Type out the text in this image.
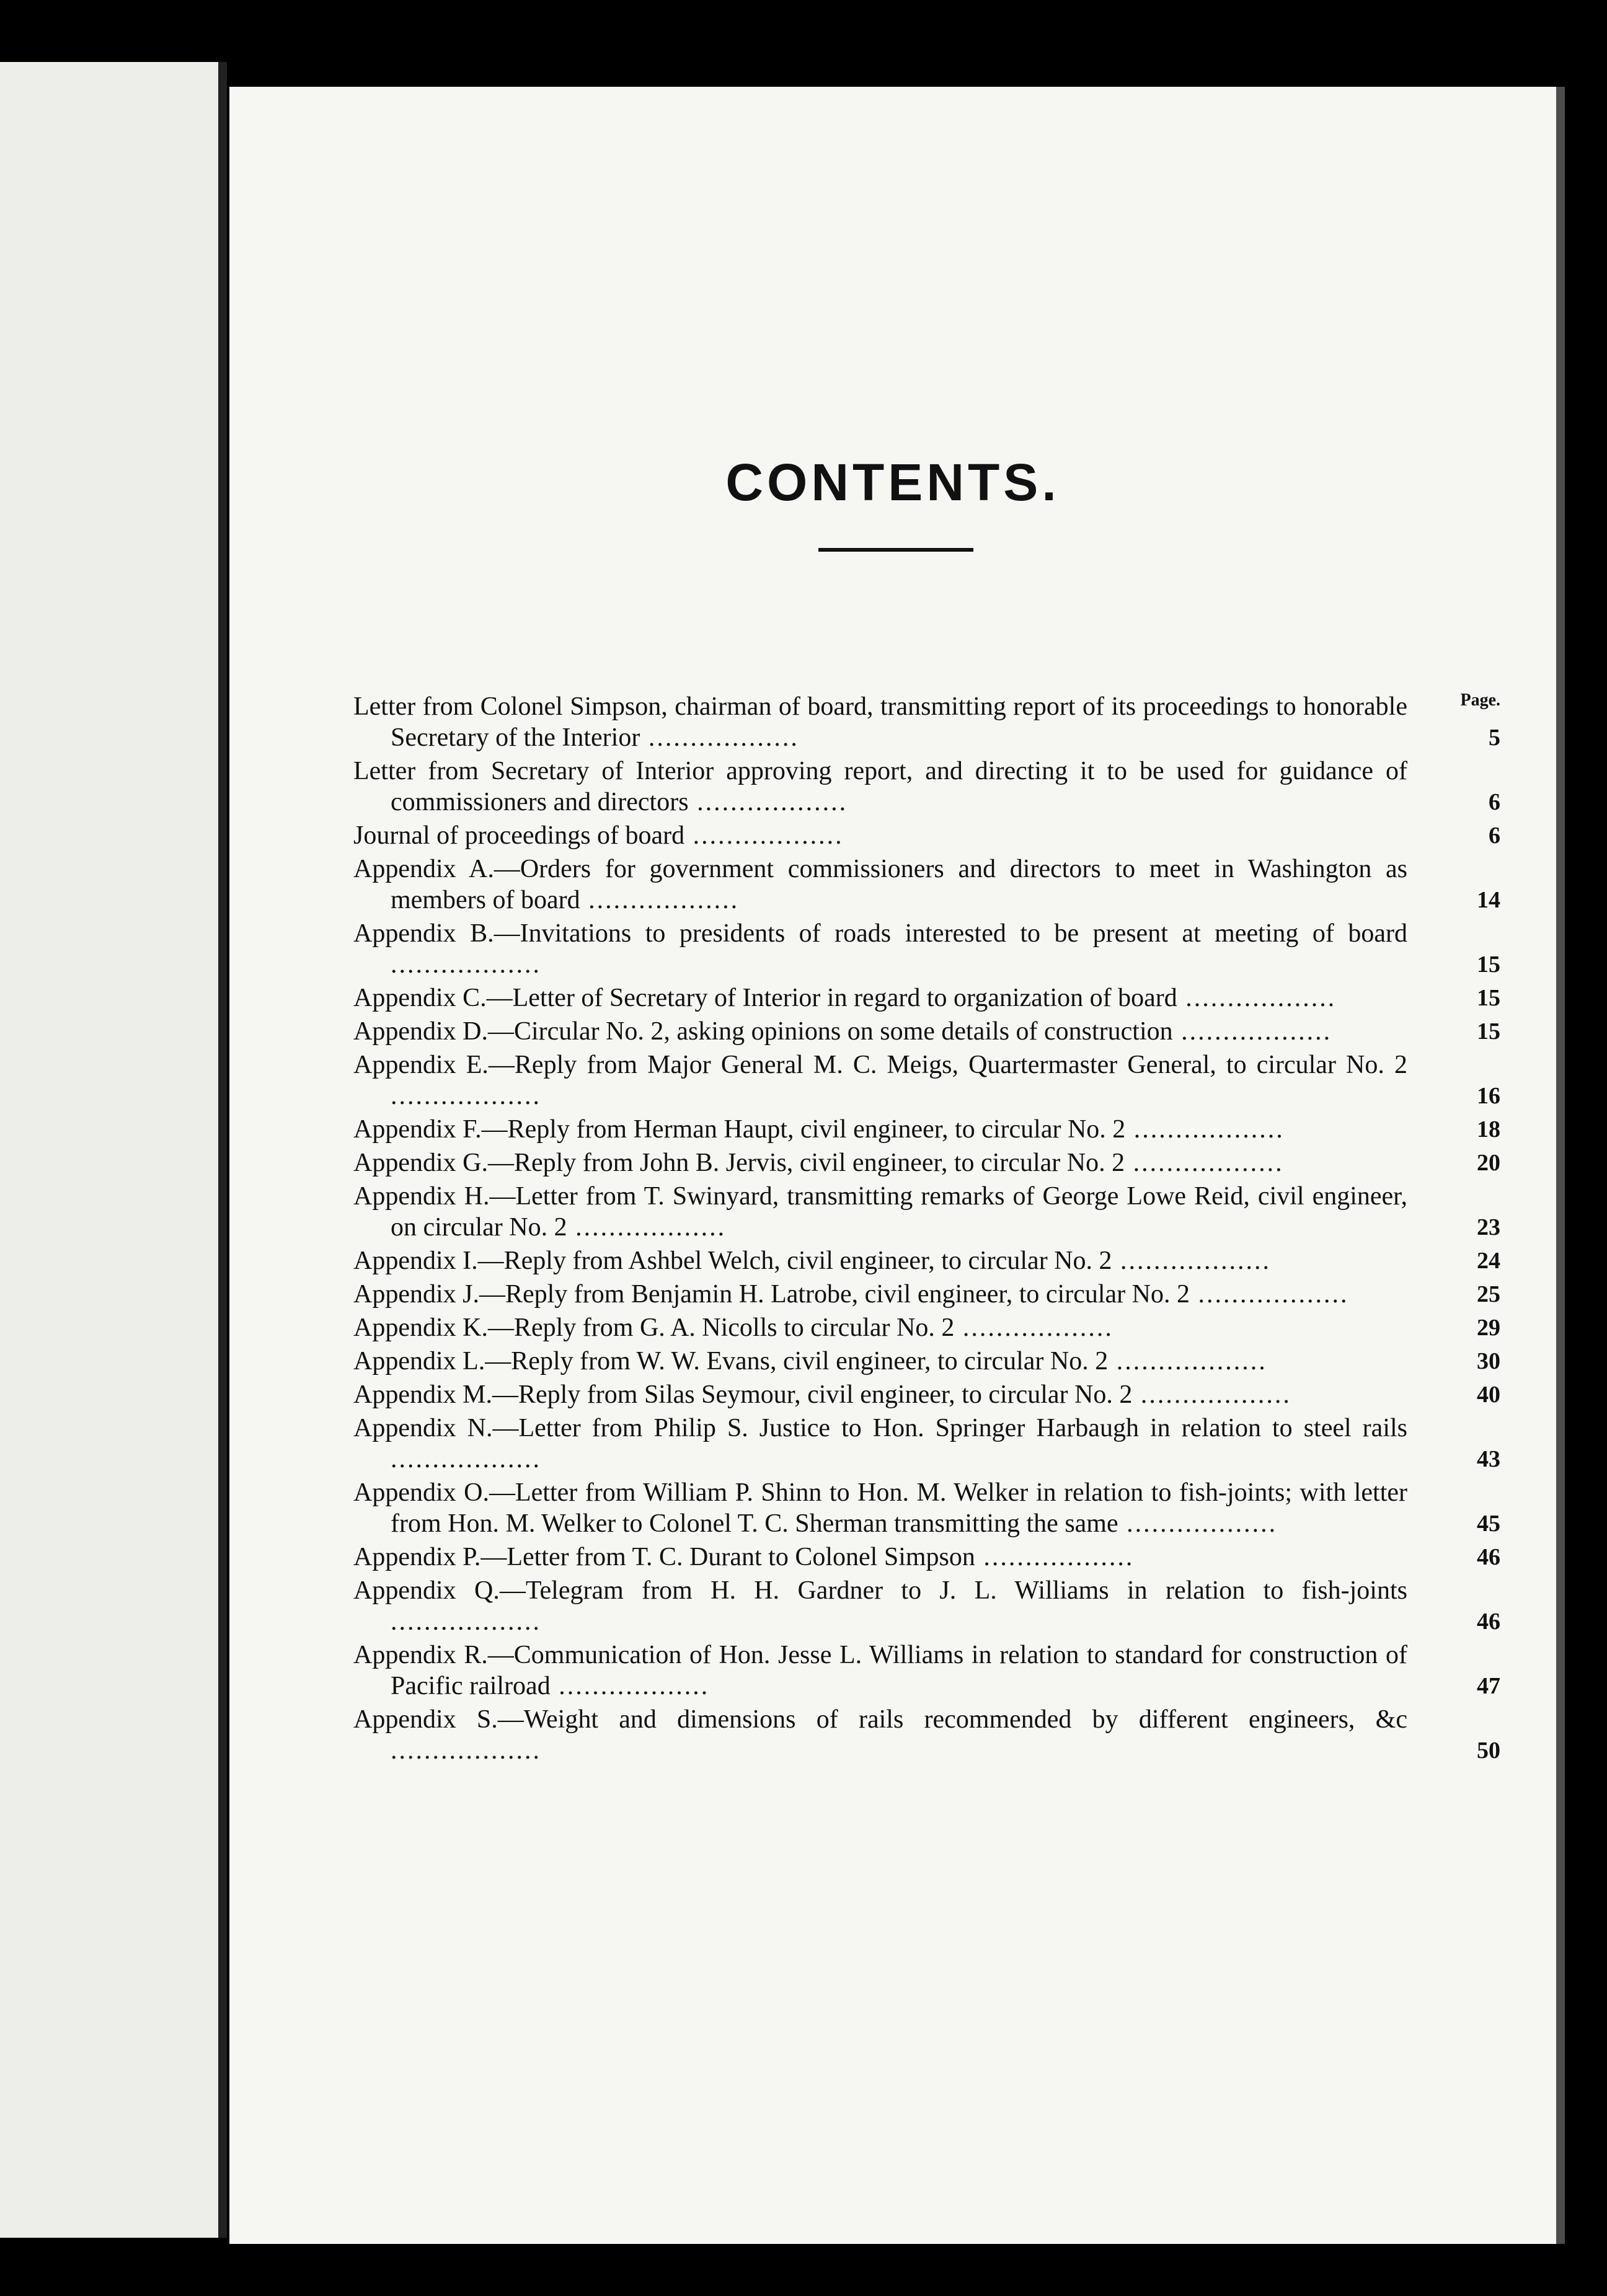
CONTENTS.
Page.
Letter from Colonel Simpson, chairman of board, transmitting report of its proceedings to honorable Secretary of the Interior ..................	5
Letter from Secretary of Interior approving report, and directing it to be used for guidance of commissioners and directors ..................	6
Journal of proceedings of board ..................	6
Appendix A.—Orders for government commissioners and directors to meet in Washington as members of board ..................	14
Appendix B.—Invitations to presidents of roads interested to be present at meeting of board ..................	15
Appendix C.—Letter of Secretary of Interior in regard to organization of board ..................	15
Appendix D.—Circular No. 2, asking opinions on some details of construction ..................	15
Appendix E.—Reply from Major General M. C. Meigs, Quartermaster General, to circular No. 2 ..................	16
Appendix F.—Reply from Herman Haupt, civil engineer, to circular No. 2 ..................	18
Appendix G.—Reply from John B. Jervis, civil engineer, to circular No. 2 ..................	20
Appendix H.—Letter from T. Swinyard, transmitting remarks of George Lowe Reid, civil engineer, on circular No. 2 ..................	23
Appendix I.—Reply from Ashbel Welch, civil engineer, to circular No. 2 ..................	24
Appendix J.—Reply from Benjamin H. Latrobe, civil engineer, to circular No. 2 ..................	25
Appendix K.—Reply from G. A. Nicolls to circular No. 2 ..................	29
Appendix L.—Reply from W. W. Evans, civil engineer, to circular No. 2 ..................	30
Appendix M.—Reply from Silas Seymour, civil engineer, to circular No. 2 ..................	40
Appendix N.—Letter from Philip S. Justice to Hon. Springer Harbaugh in relation to steel rails ..................	43
Appendix O.—Letter from William P. Shinn to Hon. M. Welker in relation to fish-joints; with letter from Hon. M. Welker to Colonel T. C. Sherman transmitting the same ..................	45
Appendix P.—Letter from T. C. Durant to Colonel Simpson ..................	46
Appendix Q.—Telegram from H. H. Gardner to J. L. Williams in relation to fish-joints ..................	46
Appendix R.—Communication of Hon. Jesse L. Williams in relation to standard for construction of Pacific railroad ..................	47
Appendix S.—Weight and dimensions of rails recommended by different engineers, &c ..................	50
